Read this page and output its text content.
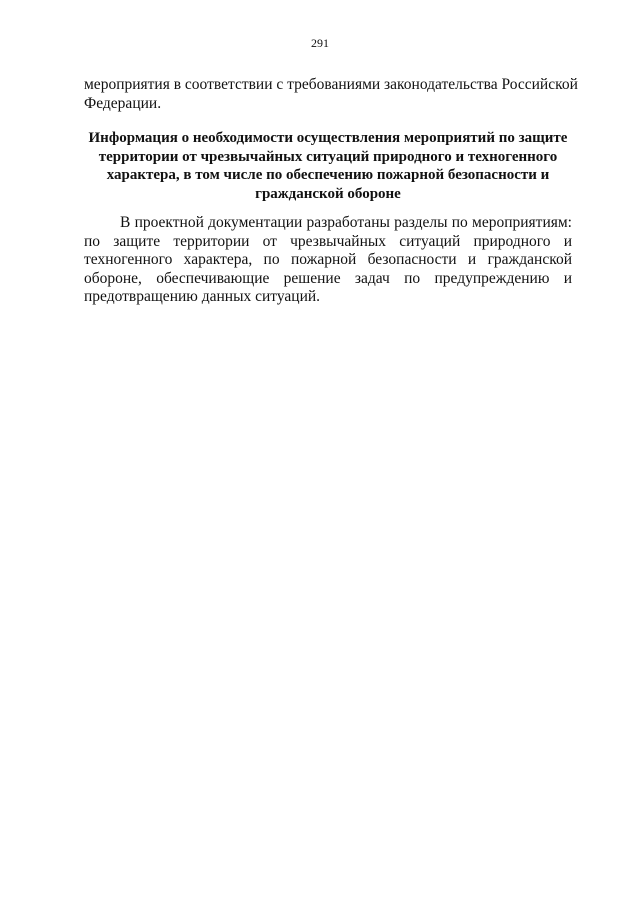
291
мероприятия в соответствии с требованиями законодательства Российской
Федерации.
Информация о необходимости осуществления мероприятий по защите
территории от чрезвычайных ситуаций природного и техногенного
характера, в том числе по обеспечению пожарной безопасности и
гражданской обороне
В проектной документации разработаны разделы по мероприятиям:
по защите территории от чрезвычайных ситуаций природного и
техногенного характера, по пожарной безопасности и гражданской
обороне, обеспечивающие решение задач по предупреждению и
предотвращению данных ситуаций.
